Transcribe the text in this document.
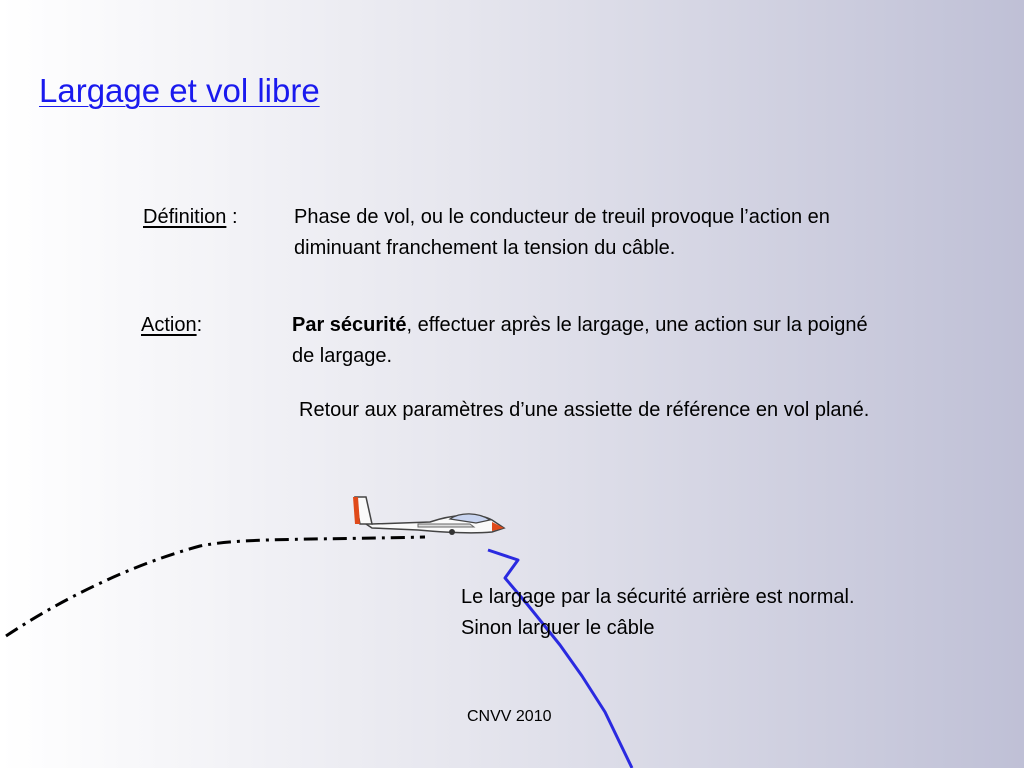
Largage et vol libre
Définition :	Phase de vol, ou le conducteur de treuil provoque l’action en
diminuant franchement la tension du câble.
Action:	Par sécurité, effectuer après le largage, une action sur la poigné
de largage.
Retour aux paramètres d’une assiette de référence en vol plané.
Le largage par la sécurité arrière est normal.
Sinon larguer le câble
CNVV 2010
